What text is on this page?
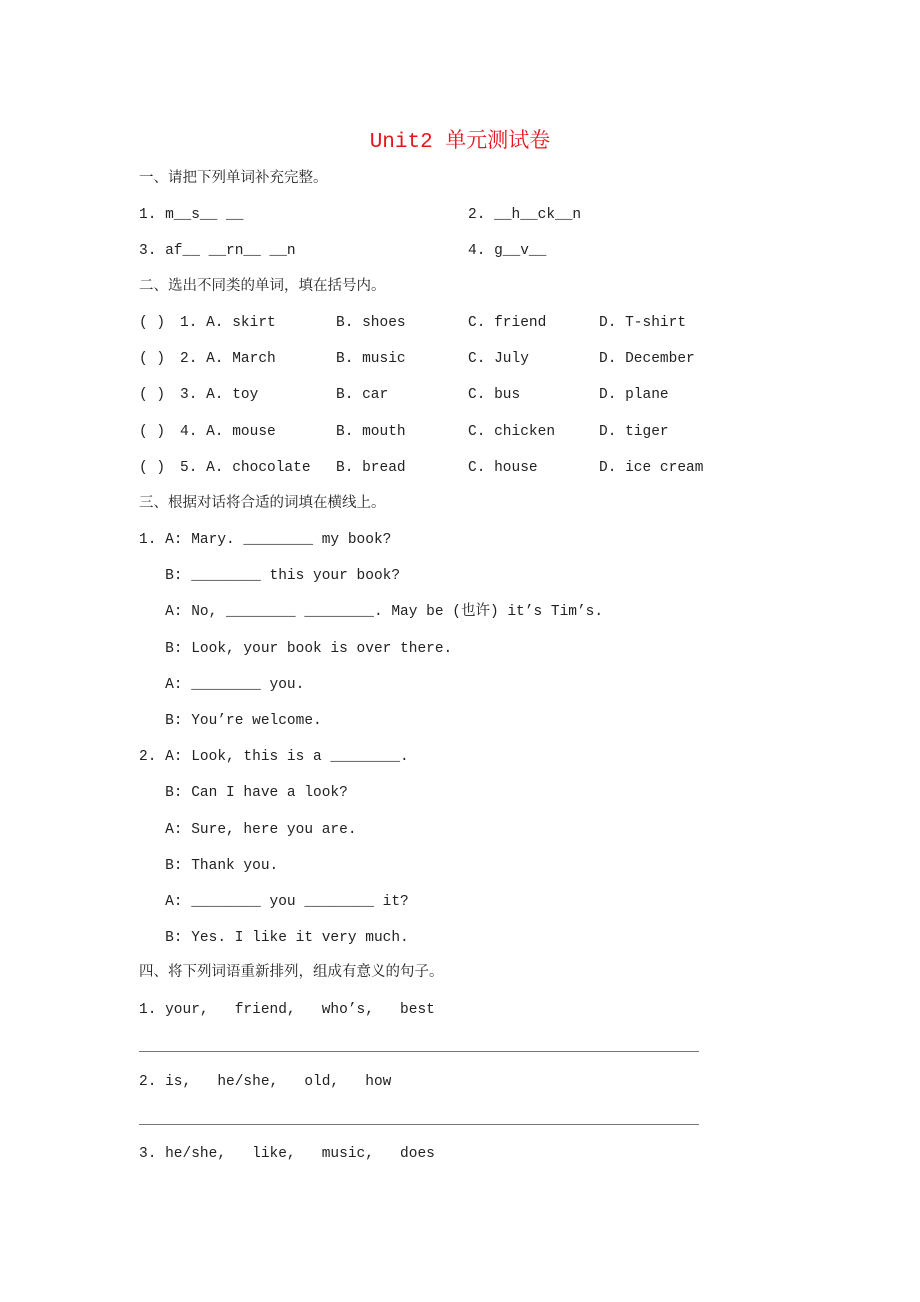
Unit2 单元测试卷
一、请把下列单词补充完整。
1. m__s__ __	2. __h__ck__n
3. af__ __rn__ __n	4. g__v__
二、选出不同类的单词，填在括号内。
三、根据对话将合适的词填在横线上。
四、将下列词语重新排列，组成有意义的句子。
1. your,   friend,   who’s,   best
2. is,   he/she,   old,   how
3. he/she,   like,   music,   does
( ) 1. A. skirt	B. shoes	C. friend	D. T-shirt
( ) 2. A. March	B. music	C. July	D. December
( ) 3. A. toy	B. car	C. bus	D. plane
( ) 4. A. mouse	B. mouth	C. chicken	D. tiger
( ) 5. A. chocolate B. bread	C. house	D. ice cream
1. A: Mary. ________ my book?
B: ________ this your book?
A: No, ________ ________. May be (也许) it’s Tim’s.
B: Look, your book is over there.
A: ________ you.
B: You’re welcome.
2. A: Look, this is a ________.
B: Can I have a look?
A: Sure, here you are.
B: Thank you.
A: ________ you ________ it?
B: Yes. I like it very much.
